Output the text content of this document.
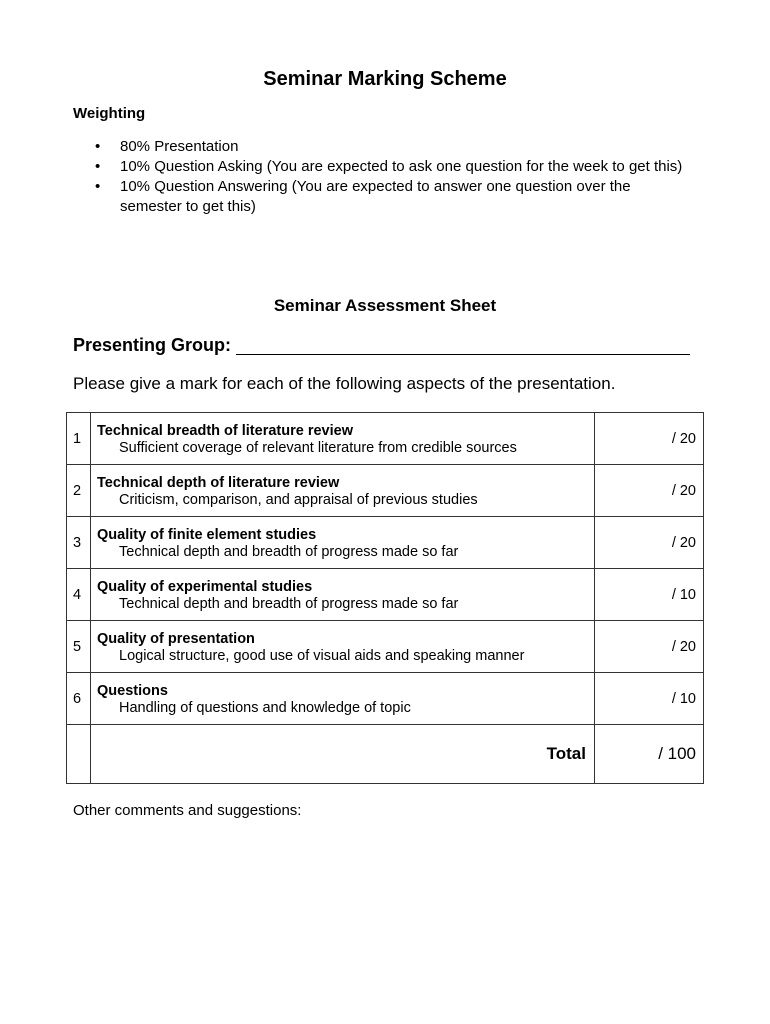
Seminar Marking Scheme
Weighting
• 80% Presentation
• 10% Question Asking (You are expected to ask one question for the week to get this)
• 10% Question Answering (You are expected to answer one question over the semester to get this)
Seminar Assessment Sheet
Presenting Group:
Please give a mark for each of the following aspects of the presentation.
1	Technical breadth of literature review
Sufficient coverage of relevant literature from credible sources	/ 20

2	Technical depth of literature review
Criticism, comparison, and appraisal of previous studies	/ 20

3	Quality of finite element studies
Technical depth and breadth of progress made so far	/ 20

4	Quality of experimental studies
Technical depth and breadth of progress made so far	/ 10

5	Quality of presentation
Logical structure, good use of visual aids and speaking manner	/ 20

6	Questions
Handling of questions and knowledge of topic	/ 10

	Total	/ 100
Other comments and suggestions:
